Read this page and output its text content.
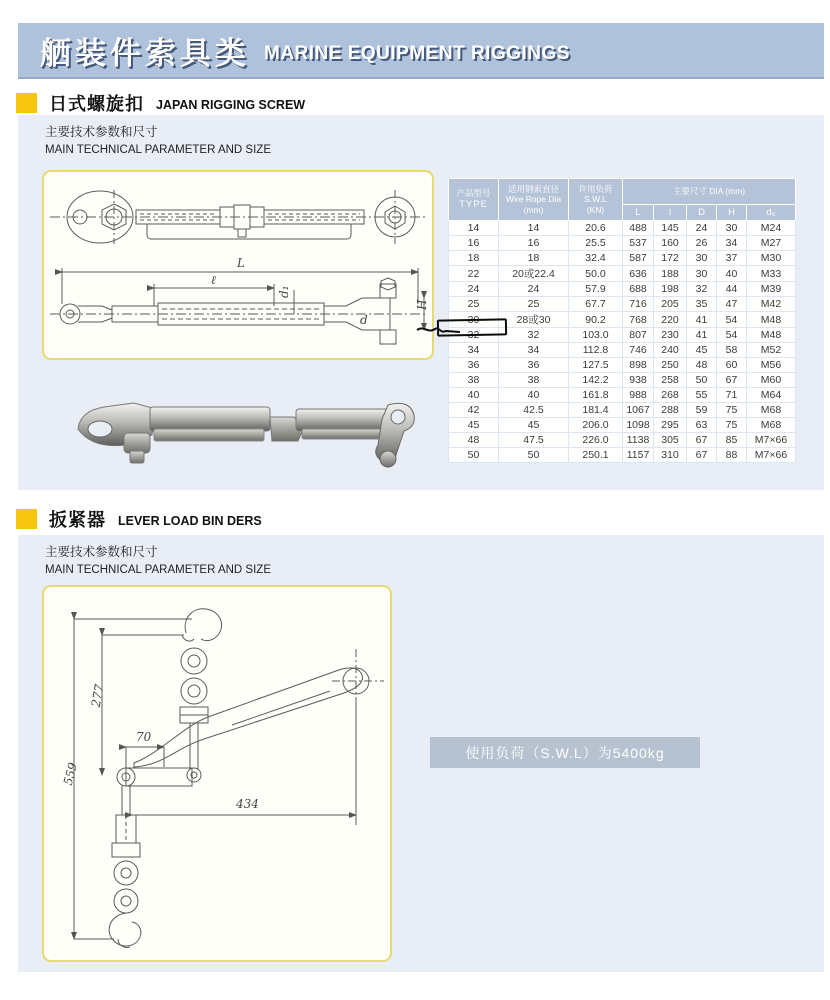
舾装件索具类 MARINE EQUIPMENT RIGGINGS
日式螺旋扣 JAPAN RIGGING SCREW
主要技术参数和尺寸
MAIN TECHNICAL PARAMETER AND SIZE
L
ℓ
d₁
d
H
产品型号
TYPE	适用钢索直径
Wire Rope Dia
(mm)	许用负荷
S.W.L
(KN)	主要尺寸 DIA (mm)				
			L	l	D	H	d₀
14	14	20.6	488	145	24	30	M24
16	16	25.5	537	160	26	34	M27
18	18	32.4	587	172	30	37	M30
22	20或22.4	50.0	636	188	30	40	M33
24	24	57.9	688	198	32	44	M39
25	25	67.7	716	205	35	47	M42
30	28或30	90.2	768	220	41	54	M48
32	32	103.0	807	230	41	54	M48
34	34	112.8	746	240	45	58	M52
36	36	127.5	898	250	48	60	M56
38	38	142.2	938	258	50	67	M60
40	40	161.8	988	268	55	71	M64
42	42.5	181.4	1067	288	59	75	M68
45	45	206.0	1098	295	63	75	M68
48	47.5	226.0	1138	305	67	85	M7×66
50	50	250.1	1157	310	67	88	M7×66
扳紧器 LEVER LOAD BIN DERS
主要技术参数和尺寸
MAIN TECHNICAL PARAMETER AND SIZE
559
277
70
434
使用负荷（S.W.L）为5400kg
